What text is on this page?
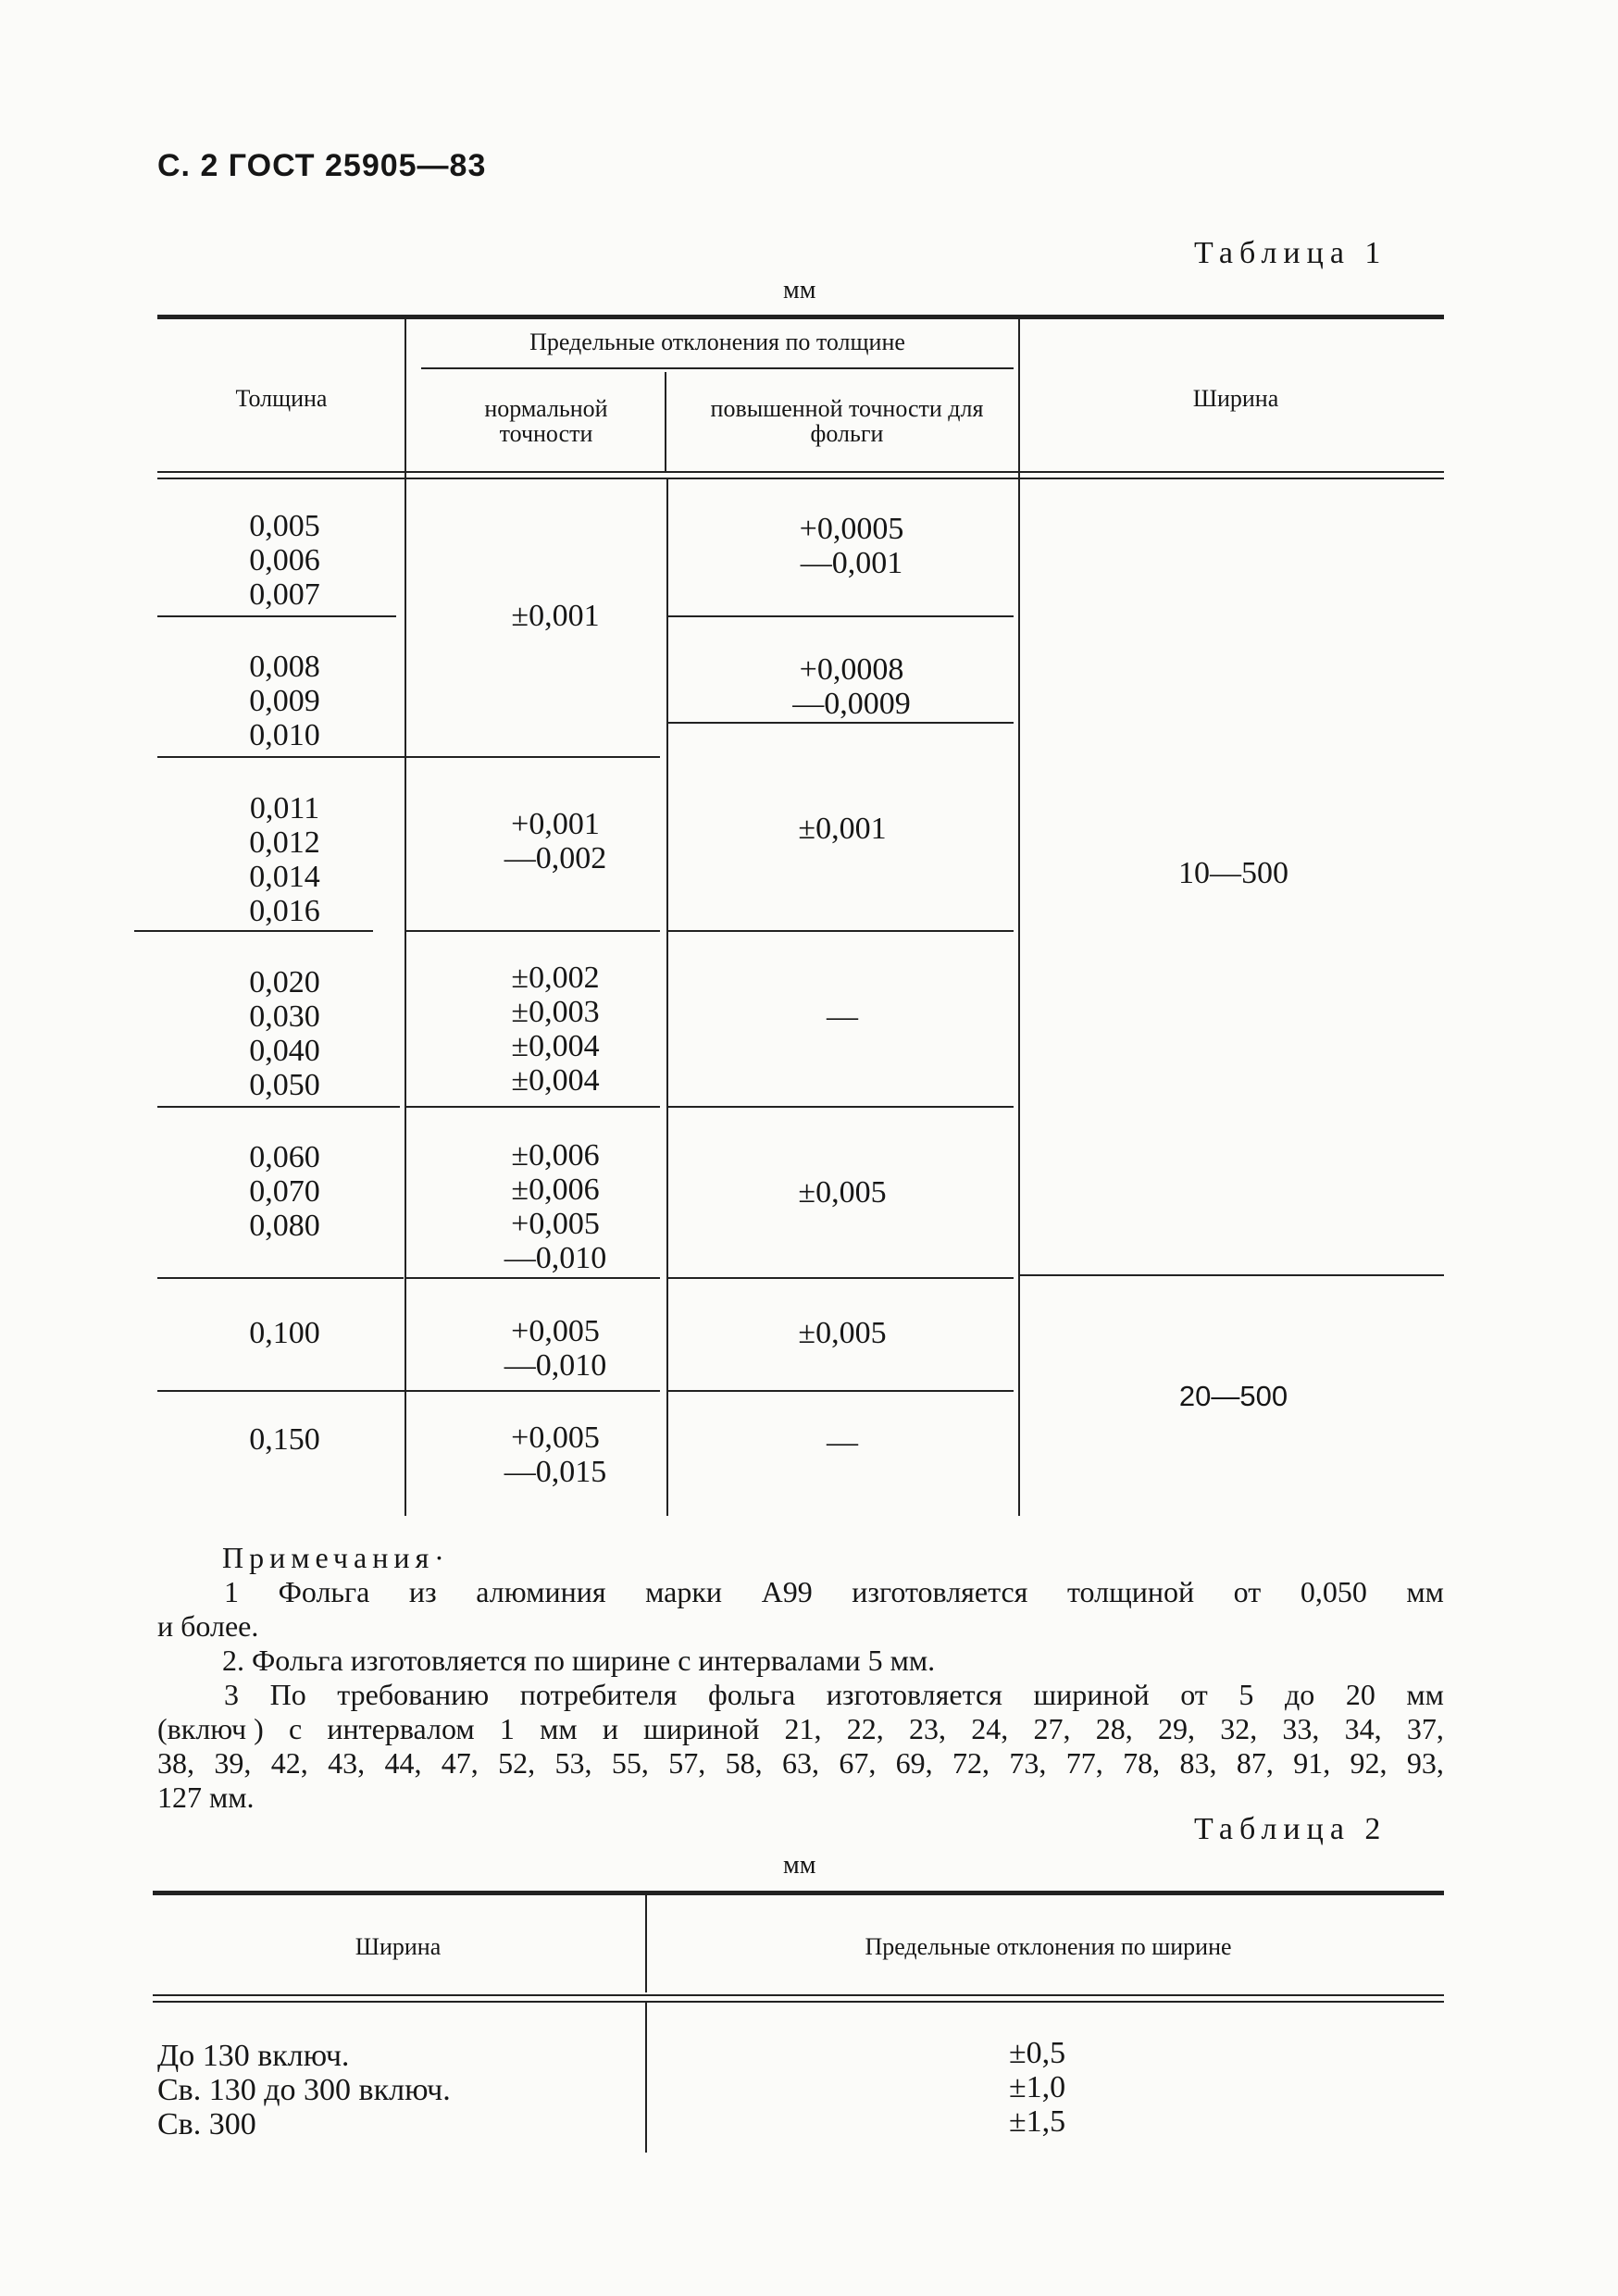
С. 2 ГОСТ 25905—83
Таблица 1
мм
Толщина
Предельные отклонения по толщине
нормальной точности
повышенной точности для фольги
Ширина
0,005
0,006
0,007
0,008
0,009
0,010
0,011
0,012
0,014
0,016
0,020
0,030
0,040
0,050
0,060
0,070
0,080
0,100
0,150
±0,001
+0,001
—0,002
±0,002
±0,003
±0,004
±0,004
±0,006
±0,006
+0,005
—0,010
+0,005
—0,010
+0,005
—0,015
+0,0005
—0,001
+0,0008
—0,0009
±0,001
—
±0,005
±0,005
—
10—500
20—500
Примечания·
1 Фольга из алюминия марки А99 изготовляется толщиной от 0,050 мм
и более.
2. Фольга изготовляется по ширине с интервалами 5 мм.
3 По требованию потребителя фольга изготовляется шириной от 5 до 20 мм
(включ ) с интервалом 1 мм и шириной 21, 22, 23, 24, 27, 28, 29, 32, 33, 34, 37,
38, 39, 42, 43, 44, 47, 52, 53, 55, 57, 58, 63, 67, 69, 72, 73, 77, 78, 83, 87, 91, 92, 93,
127 мм.
Таблица 2
мм
Ширина	Предельные отклонения по ширине
До 130 включ.
Св. 130 до 300 включ.
Св. 300
±0,5
±1,0
±1,5
